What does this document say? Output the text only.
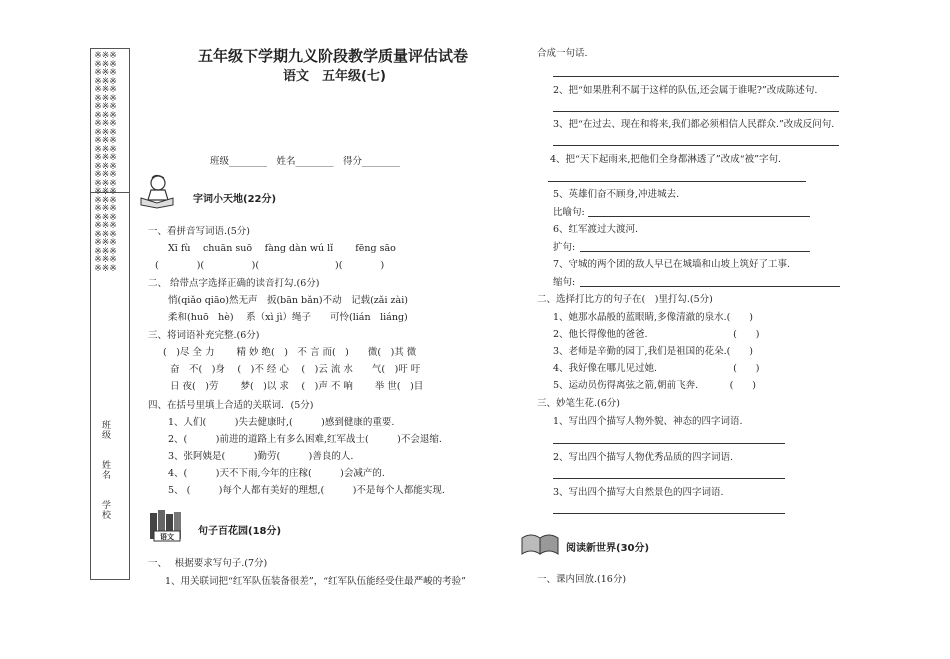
※※※※※※※※※※※※※※※※※※※※※※※※※※※※※※※※※※※※※※※※※※※※※※※※※※※※※※※※※※※※※※※※※※※※※※※※※※※※※※
班级
姓名
学校
五年级下学期九义阶段教学质量评估试卷
语文　五年级(七)
班级________　姓名________　得分________
字词小天地(22分)
一、看拼音写词语.(5分)
Xī fù　 chuān suō　 fàng dàn wú lǐ　　 fēng sāo
(　　　　)(　　　　　)(　　　　　　　　)(　　　　)
二、 给带点字选择正确的读音打勾.(6分)
悄(qiǎo qiāo)然无声　扳(bān bǎn)不动　记载(zǎi zài)
柔和(huō　hè)　 系（xì jì）绳子　　可怜(lián　liáng)
三、将词语补充完整.(6分)
(　)尽 全 力　　 精 妙 绝(　)　不 言 而(　)　　微(　)其 微
奋　不(　)身　 (　)不 经 心　 (　)云 流 水　　气(　)吁 吁
日 夜(　)劳　　 梦(　)以 求　 (　)声 不 响　　 举 世(　)目
四、在括号里填上合适的关联词．(5分)
1、人们(　　　)失去健康时,(　　　)感到健康的重要.
2、(　　　)前进的道路上有多么困难,红军战士(　　　)不会退缩.
3、张阿姨是(　　　)勤劳(　　　)善良的人.
4、(　　　)天不下雨,今年的庄稼(　　　)会减产的.
5、 (　　　)每个人都有美好的理想,(　　　)不是每个人都能实现.
语文 句子百花园(18分)
一、　 根据要求写句子.(7分)
1、用关联词把“红军队伍装备很差”，“红军队伍能经受住最严峻的考验”
合成一句话.
2、把“如果胜利不属于这样的队伍,还会属于谁呢?”改成陈述句.
3、把“在过去、现在和将来,我们都必须相信人民群众.”改成反问句.
4、把“天下起雨来,把他们全身都淋透了”改成“被”字句.
5、英雄们奋不顾身,冲进城去.
比喻句:
6、红军渡过大渡河.
扩句:
7、守城的两个团的敌人早已在城墙和山坡上筑好了工事.
缩句:
二、选择打比方的句子在(　)里打勾.(5分)
1、她那水晶般的蓝眼睛,多像清澈的泉水.(　　)
2、他长得像他的爸爸.　　　　　　　　　(　　)
3、老师是辛勤的园丁,我们是祖国的花朵.(　　)
4、我好像在哪儿见过她.　　　　　　　　(　　)
5、运动员伤得离弦之箭,朝前飞奔.　　　 (　　)
三、妙笔生花.(6分)
1、写出四个描写人物外貌、神态的四字词语.
2、写出四个描写人物优秀品质的四字词语.
3、写出四个描写大自然景色的四字词语.
阅读新世界(30分)
一、课内回放.(16分)
